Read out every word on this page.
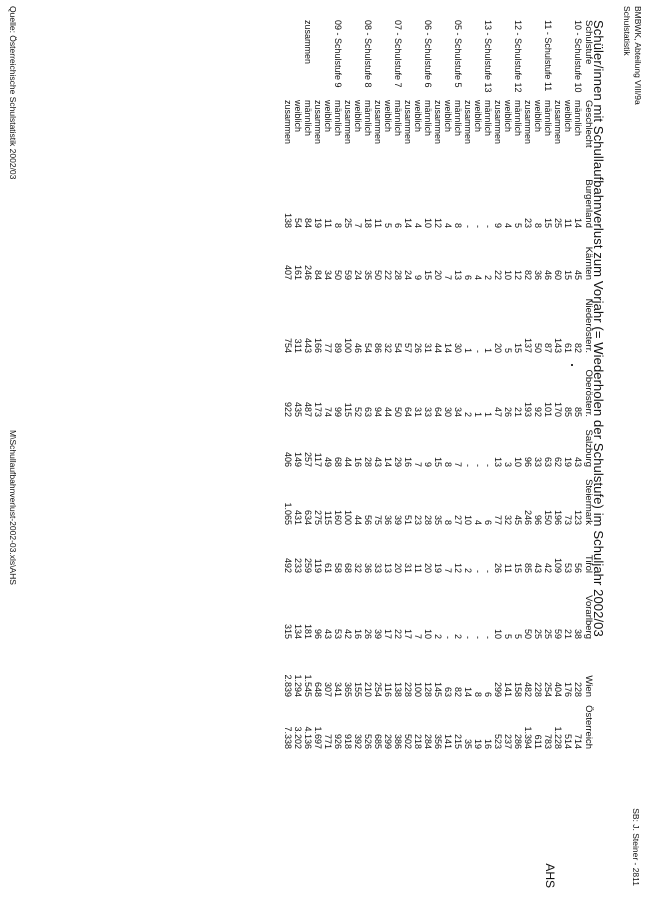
BMBWK, Abteilung VIII/9a
Schulstatistik
SB: J. Steiner - 2811
Schüler/innen mit Schullaufbahnverlust zum Vorjahr (= Wiederholen der Schulstufe) im Schuljahr 2002/03
AHS
Schulstufe	Geschlecht	Burgenland	Kärnten	Niederösterr.	Oberösterr.	Salzburg	Steiermark	Tirol	Vorarlberg	Wien	Österreich
10 - Schulstufe 10	männlich	14	45	82	85	43	123	56	38	228	714
	weiblich	11	15	61	85	19	73	53	21	176	514
	zusammen	25	60	143	170	62	196	109	59	404	1.228
11 - Schulstufe 11	männlich	15	46	87	101	63	150	42	25	254	783
	weiblich	8	36	50	92	33	96	43	25	228	611
	zusammen	23	82	137	193	96	246	85	50	482	1.394
12 - Schulstufe 12	männlich	5	12	15	21	10	45	15	5	158	286
	weiblich	4	10	5	26	3	32	11	5	141	237
	zusammen	9	22	20	47	13	77	26	10	299	523
13 - Schulstufe 13	männlich	-	2	1	1	-	6	-	-	6	16
	weiblich	-	4	-	1	-	4	-	-	8	19
	zusammen	-	6	1	2	-	10	2	-	14	35
05 - Schulstufe 5	männlich	8	13	30	34	7	27	12	2	82	215
	weiblich	4	7	14	30	8	8	7	-	63	141
	zusammen	12	20	44	64	15	35	19	2	145	356
06 - Schulstufe 6	männlich	10	15	31	33	9	28	20	10	128	284
	weiblich	4	9	26	31	7	23	11	7	100	218
	zusammen	14	24	57	64	16	51	31	17	228	502
07 - Schulstufe 7	männlich	6	28	54	50	29	39	20	22	138	386
	weiblich	5	22	32	44	14	36	13	17	116	299
	zusammen	11	50	86	94	43	75	33	39	254	685
08 - Schulstufe 8	männlich	18	35	54	63	28	56	36	26	210	526
	weiblich	7	24	46	52	16	44	32	16	155	392
	zusammen	25	59	100	115	44	100	68	42	365	918
09 - Schulstufe 9	männlich	8	50	89	99	68	160	58	53	341	926
	weiblich	11	34	77	74	49	115	61	43	307	771
	zusammen	19	84	166	173	117	275	119	96	648	1.697
zusammen	männlich	84	246	443	487	257	634	259	181	1.545	4.136
	weiblich	54	161	311	435	149	431	233	134	1.294	3.202
	zusammen	138	407	754	922	406	1.065	492	315	2.839	7.338
Quelle: Österreichische Schulstatistik 2002/03
M\Schullaufbahnverlust-2002-03.xls\AHS
